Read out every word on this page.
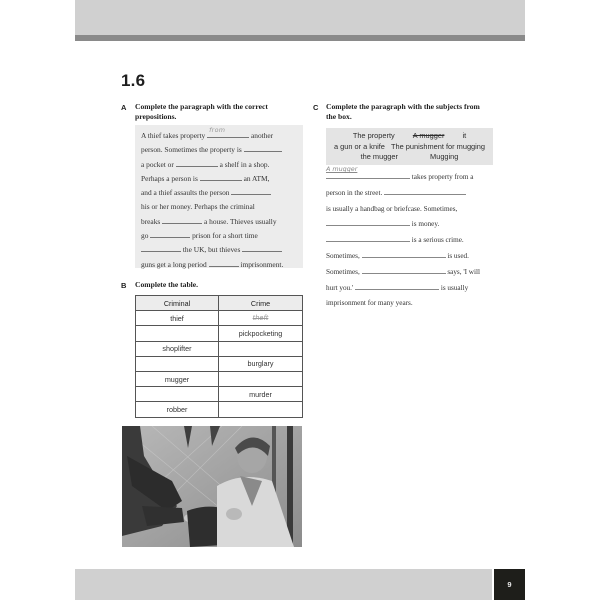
1.6
A Complete the paragraph with the correct
prepositions.
A thief takes property
from
another
person. Sometimes the property is
a pocket or	a shelf in a shop.
Perhaps a person is	an ATM,
and a thief assaults the person
his or her money. Perhaps the criminal
breaks	a house. Thieves usually
go	prison for a short time
the UK, but thieves
guns get a long period	imprisonment.
B Complete the table.
Criminal	Crime
thief	theft
	pickpocketing
shoplifter	
	burglary
mugger	
	murder
robber	
C Complete the paragraph with the subjects from
the box.
The property A mugger it
a gun or a knife The punishment for mugging
the mugger	Mugging
A mugger
takes property from a
person in the street.
is usually a handbag or briefcase. Sometimes,
is money.
is a serious crime.
Sometimes,	is used.
Sometimes,	says, 'I will
hurt you.'	is usually
imprisonment for many years.
9
